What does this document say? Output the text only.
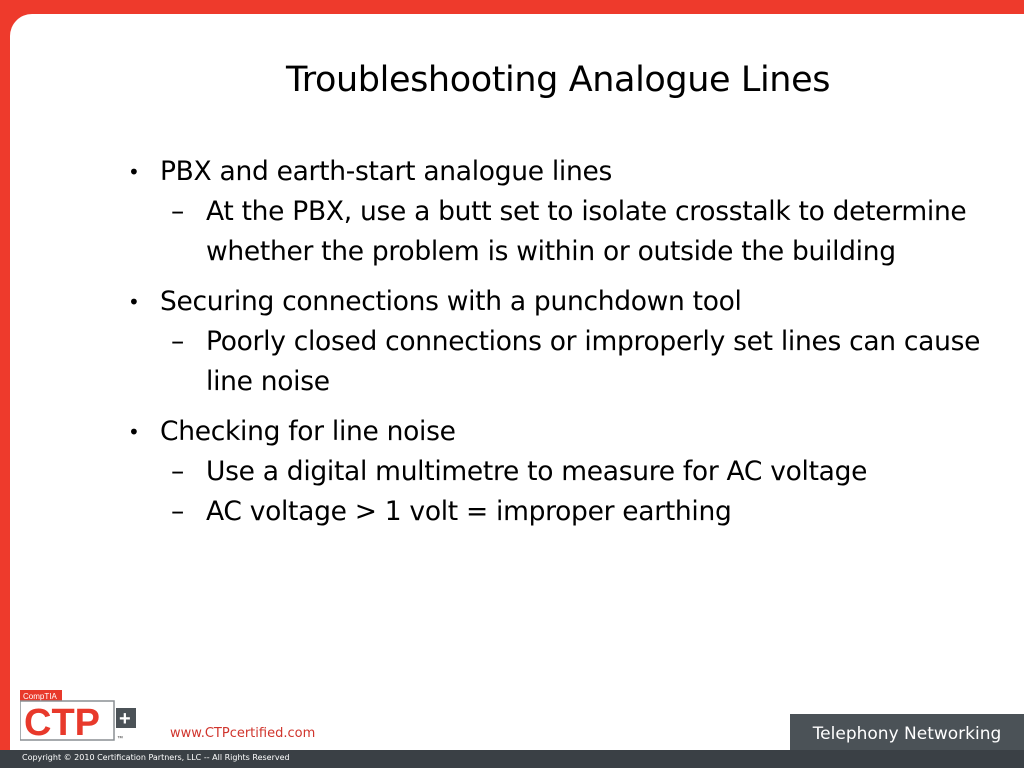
Troubleshooting Analogue Lines
• PBX and earth-start analogue lines
– At the PBX, use a butt set to isolate crosstalk to determine whether the problem is within or outside the building
• Securing connections with a punchdown tool
– Poorly closed connections or improperly set lines can cause line noise
• Checking for line noise
– Use a digital multimetre to measure for AC voltage
– AC voltage > 1 volt = improper earthing
CompTIA
CTP +
™	www.CTPcertified.com	Telephony Networking
Copyright © 2010 Certification Partners, LLC -- All Rights Reserved
